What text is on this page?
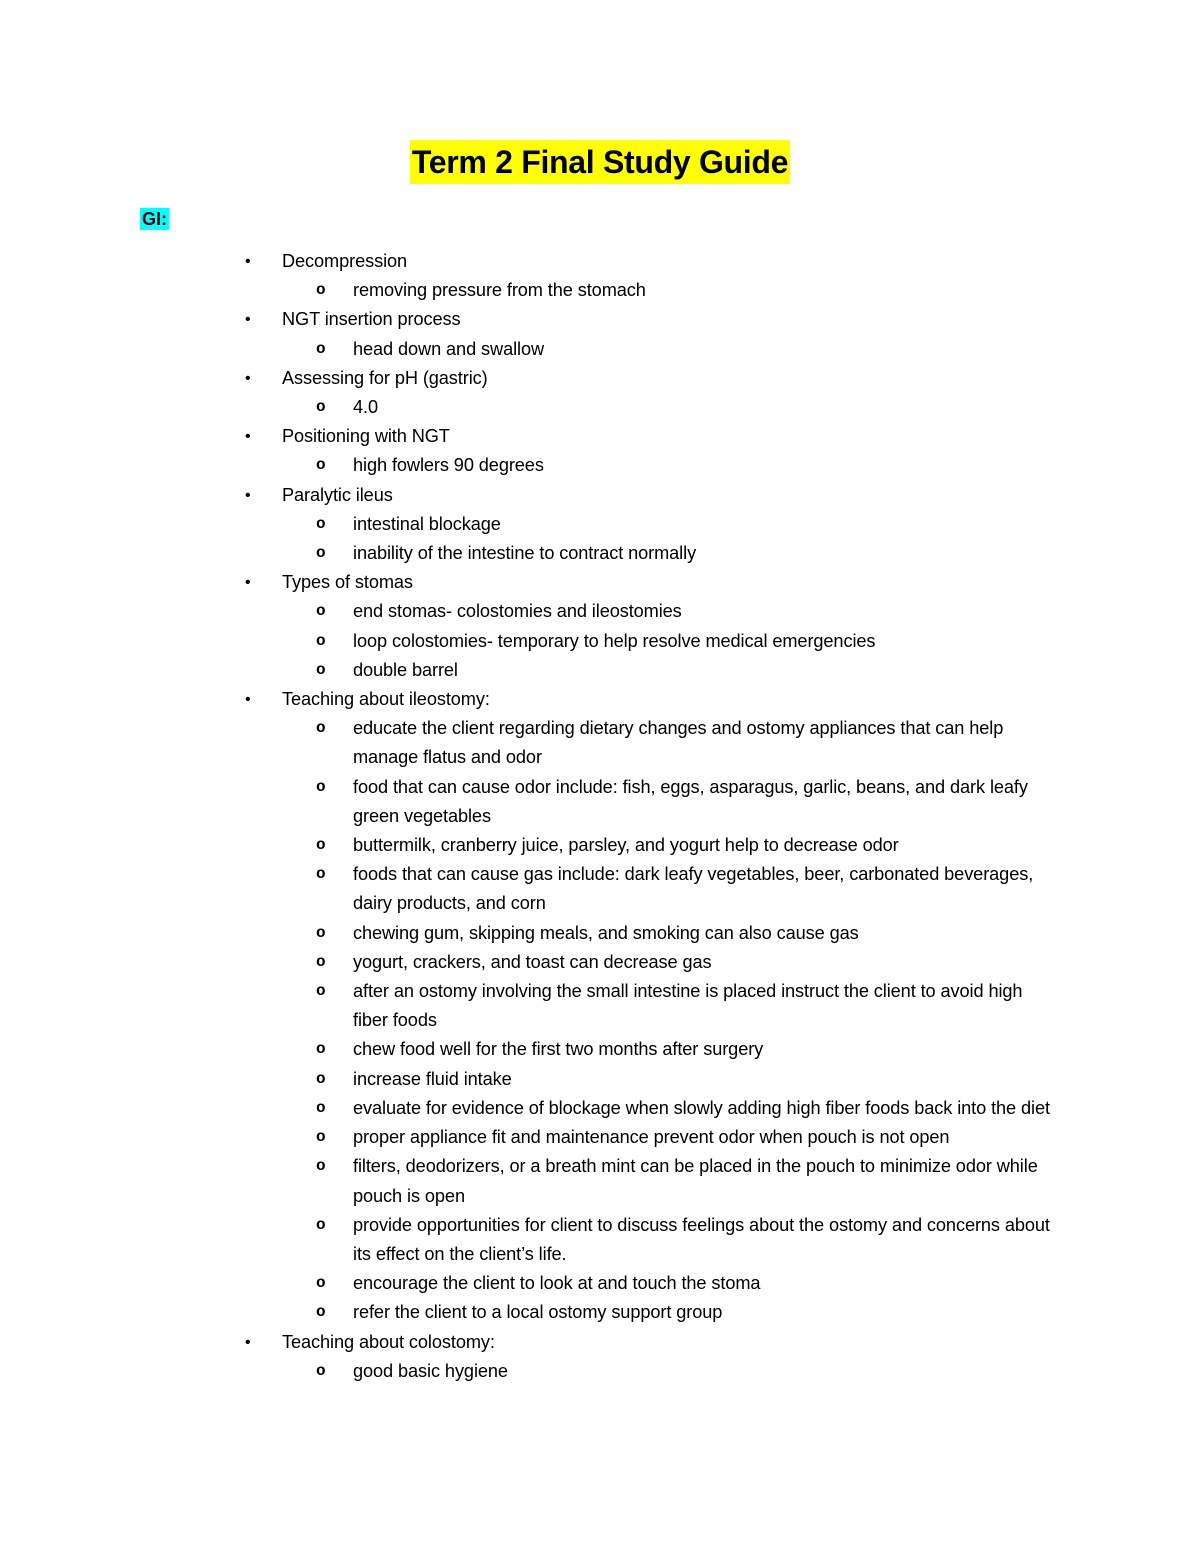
Term 2 Final Study Guide
GI:
•	Decompression
o	removing pressure from the stomach
•	NGT insertion process
o	head down and swallow
•	Assessing for pH (gastric)
o	4.0
•	Positioning with NGT
o	high fowlers 90 degrees
•	Paralytic ileus
o	intestinal blockage
o	inability of the intestine to contract normally
•	Types of stomas
o	end stomas- colostomies and ileostomies
o	loop colostomies- temporary to help resolve medical emergencies
o	double barrel
•	Teaching about ileostomy:
o	educate the client regarding dietary changes and ostomy appliances that can help manage flatus and odor
o	food that can cause odor include: fish, eggs, asparagus, garlic, beans, and dark leafy green vegetables
o	buttermilk, cranberry juice, parsley, and yogurt help to decrease odor
o	foods that can cause gas include: dark leafy vegetables, beer, carbonated beverages, dairy products, and corn
o	chewing gum, skipping meals, and smoking can also cause gas
o	yogurt, crackers, and toast can decrease gas
o	after an ostomy involving the small intestine is placed instruct the client to avoid high fiber foods
o	chew food well for the first two months after surgery
o	increase fluid intake
o	evaluate for evidence of blockage when slowly adding high fiber foods back into the diet
o	proper appliance fit and maintenance prevent odor when pouch is not open
o	filters, deodorizers, or a breath mint can be placed in the pouch to minimize odor while pouch is open
o	provide opportunities for client to discuss feelings about the ostomy and concerns about its effect on the client’s life.
o	encourage the client to look at and touch the stoma
o	refer the client to a local ostomy support group
•	Teaching about colostomy:
o	good basic hygiene
